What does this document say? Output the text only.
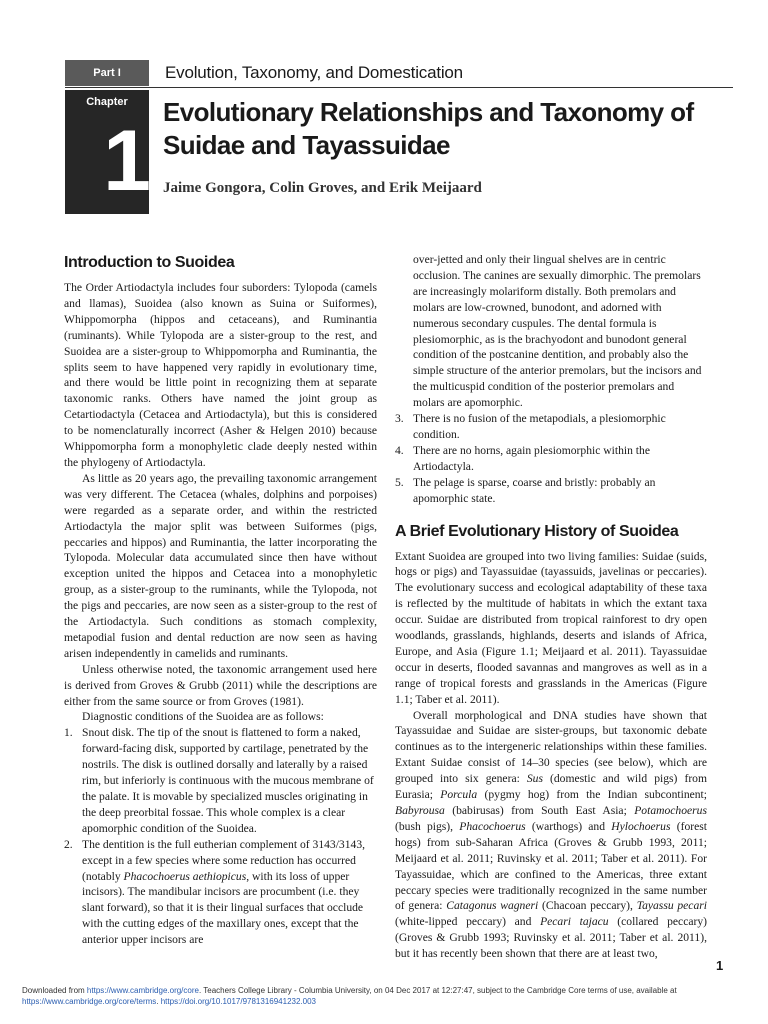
Part I	Evolution, Taxonomy, and Domestication
Chapter
1
Evolutionary Relationships and Taxonomy of Suidae and Tayassuidae
Jaime Gongora, Colin Groves, and Erik Meijaard
Introduction to Suoidea

The Order Artiodactyla includes four suborders: Tylopoda (camels and llamas), Suoidea (also known as Suina or Suiformes), Whippomorpha (hippos and cetaceans), and Ruminantia (ruminants). While Tylopoda are a sister-group to the rest, and Suoidea are a sister-group to Whippomorpha and Ruminantia, the splits seem to have happened very rapidly in evolutionary time, and there would be little point in recognizing them at separate taxonomic ranks. Others have named the joint group as Cetartiodactyla (Cetacea and Artiodactyla), but this is considered to be nomenclaturally incorrect (Asher & Helgen 2010) because Whippomorpha form a monophyletic clade deeply nested within the phylogeny of Artiodactyla.

As little as 20 years ago, the prevailing taxonomic arrangement was very different. The Cetacea (whales, dolphins and porpoises) were regarded as a separate order, and within the restricted Artiodactyla the major split was between Suiformes (pigs, peccaries and hippos) and Ruminantia, the latter incorporating the Tylopoda. Molecular data accumulated since then have without exception united the hippos and Cetacea into a monophyletic group, as a sister-group to the ruminants, while the Tylopoda, not the pigs and peccaries, are now seen as a sister-group to the rest of the Artiodactyla. Such conditions as stomach complexity, metapodial fusion and dental reduction are now seen as having arisen independently in camelids and ruminants.

Unless otherwise noted, the taxonomic arrangement used here is derived from Groves & Grubb (2011) while the descriptions are either from the same source or from Groves (1981).

Diagnostic conditions of the Suoidea are as follows:

1. Snout disk. The tip of the snout is flattened to form a naked, forward-facing disk, supported by cartilage, penetrated by the nostrils. The disk is outlined dorsally and laterally by a raised rim, but inferiorly is continuous with the mucous membrane of the palate. It is movable by specialized muscles originating in the deep preorbital fossae. This whole complex is a clear apomorphic condition of the Suoidea.
2. The dentition is the full eutherian complement of 3143/3143, except in a few species where some reduction has occurred (notably Phacochoerus aethiopicus, with its loss of upper incisors). The mandibular incisors are procumbent (i.e. they slant forward), so that it is their lingual surfaces that occlude with the cutting edges of the maxillary ones, except that the anterior upper incisors are
over-jetted and only their lingual shelves are in centric occlusion. The canines are sexually dimorphic. The premolars are increasingly molariform distally. Both premolars and molars are low-crowned, bunodont, and adorned with numerous secondary cuspules. The dental formula is plesiomorphic, as is the brachyodont and bunodont general condition of the postcanine dentition, and probably also the simple structure of the anterior premolars, but the incisors and the multicuspid condition of the posterior premolars and molars are apomorphic.
3. There is no fusion of the metapodials, a plesiomorphic condition.
4. There are no horns, again plesiomorphic within the Artiodactyla.
5. The pelage is sparse, coarse and bristly: probably an apomorphic state.
A Brief Evolutionary History of Suoidea

Extant Suoidea are grouped into two living families: Suidae (suids, hogs or pigs) and Tayassuidae (tayassuids, javelinas or peccaries). The evolutionary success and ecological adaptability of these taxa is reflected by the multitude of habitats in which the extant taxa occur. Suidae are distributed from tropical rainforest to dry open woodlands, grasslands, highlands, deserts and islands of Africa, Europe, and Asia (Figure 1.1; Meijaard et al. 2011). Tayassuidae occur in deserts, flooded savannas and mangroves as well as in a range of tropical forests and grasslands in the Americas (Figure 1.1; Taber et al. 2011).

Overall morphological and DNA studies have shown that Tayassuidae and Suidae are sister-groups, but taxonomic debate continues as to the intergeneric relationships within these families. Extant Suidae consist of 14–30 species (see below), which are grouped into six genera: Sus (domestic and wild pigs) from Eurasia; Porcula (pygmy hog) from the Indian subcontinent; Babyrousa (babirusas) from South East Asia; Potamochoerus (bush pigs), Phacochoerus (warthogs) and Hylochoerus (forest hogs) from sub-Saharan Africa (Groves & Grubb 1993, 2011; Meijaard et al. 2011; Ruvinsky et al. 2011; Taber et al. 2011). For Tayassuidae, which are confined to the Americas, three extant peccary species were traditionally recognized in the same number of genera: Catagonus wagneri (Chacoan peccary), Tayassu pecari (white-lipped peccary) and Pecari tajacu (collared peccary) (Groves & Grubb 1993; Ruvinsky et al. 2011; Taber et al. 2011), but it has recently been shown that there are at least two,

1
Downloaded from https://www.cambridge.org/core. Teachers College Library - Columbia University, on 04 Dec 2017 at 12:27:47, subject to the Cambridge Core terms of use, available at
https://www.cambridge.org/core/terms. https://doi.org/10.1017/9781316941232.003
